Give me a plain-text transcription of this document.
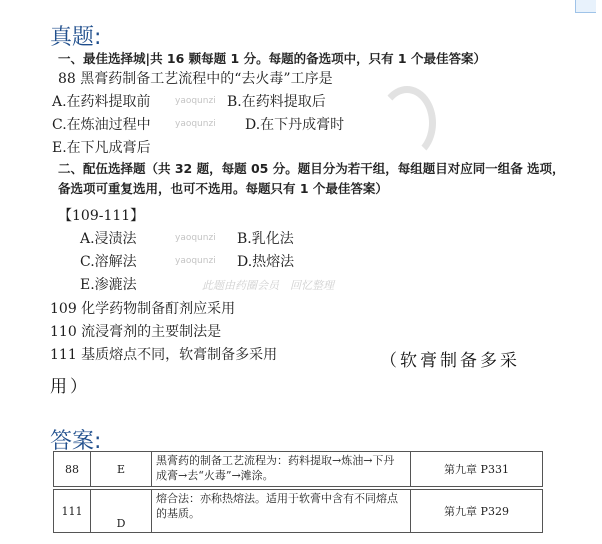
真题:
一、最佳选择城|共 16 颗每题 1 分。每题的备选项中，只有 1 个最佳答案）
88 黑膏药制备工艺流程中的“去火毒”工序是
A.在药料提取前	yaoqunzi B.在药料提取后
C.在炼油过程中	yaoqunzi D.在下丹成膏时
E.在下凡成膏后
二、配伍选择题（共 32 题，每题 05 分。题目分为若干组，每组题目对应同一组备 选项，
备选项可重复选用，也可不选用。每题只有 1 个最佳答案）
【109-111】
A.浸渍法	yaoqunzi B.乳化法
C.溶解法	yaoqunzi D.热熔法
E.渗漉法	此题由药圈会员　回忆整理
109 化学药物制备酊剂应采用
110 流浸膏剂的主要制法是
111 基质熔点不同，软膏制备多采用	（软膏制备多采
用）
答案:
88	E	黑膏药的制备工艺流程为：药料提取→炼油→下丹
成膏→去“火毒”→滩涂。	第九章 P331

111	D	熔合法：亦称热熔法。适用于软膏中含有不同熔点
的基质。	第九章 P329
